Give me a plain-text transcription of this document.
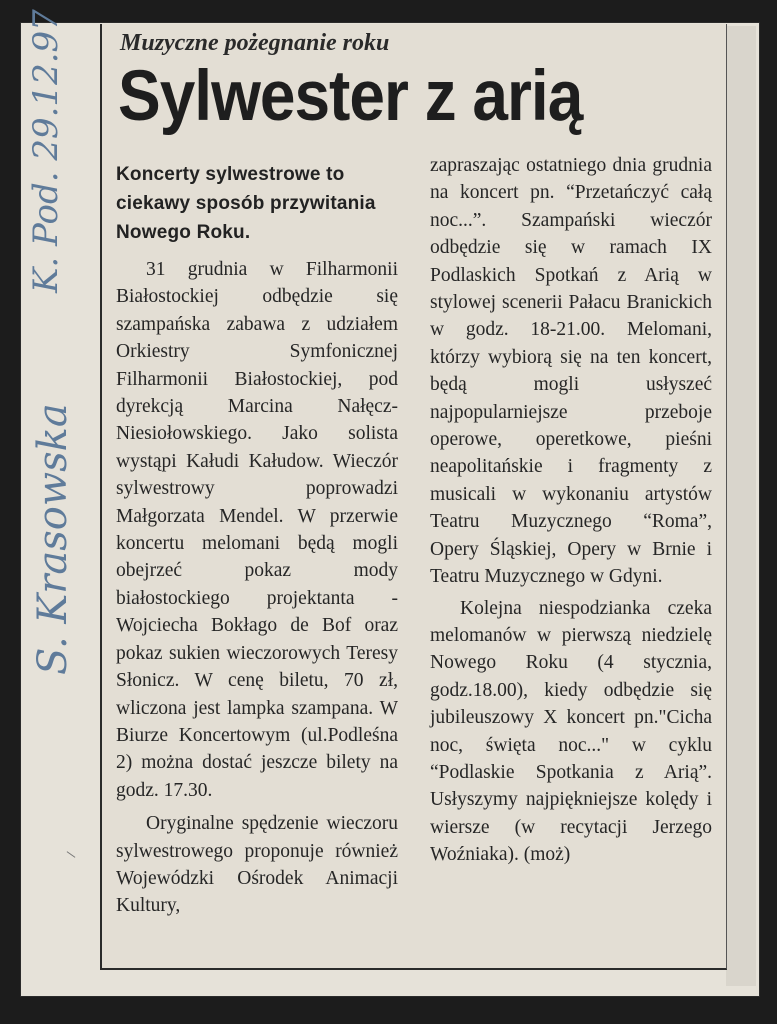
K. Pod. 29.12.97
S. Krasowska
Muzyczne pożegnanie roku
Sylwester z arią
Koncerty sylwestrowe to ciekawy sposób przywitania Nowego Roku.

31 grudnia w Filharmonii Białostockiej odbędzie się szampańska zabawa z udziałem Orkiestry Symfonicznej Filharmonii Białostockiej, pod dyrekcją Marcina Nałęcz-Niesiołowskiego. Jako solista wystąpi Kałudi Kałudow. Wieczór sylwestrowy poprowadzi Małgorzata Mendel. W przerwie koncertu melomani będą mogli obejrzeć pokaz mody białostockiego projektanta - Wojciecha Bokłago de Bof oraz pokaz sukien wieczorowych Teresy Słonicz. W cenę biletu, 70 zł, wliczona jest lampka szampana. W Biurze Koncertowym (ul.Podleśna 2) można dostać jeszcze bilety na godz. 17.30.

Oryginalne spędzenie wieczoru sylwestrowego proponuje również Wojewódzki Ośrodek Animacji Kultury,

zapraszając ostatniego dnia grudnia na koncert pn. “Przetańczyć całą noc...”. Szampański wieczór odbędzie się w ramach IX Podlaskich Spotkań z Arią w stylowej scenerii Pałacu Branickich w godz. 18-21.00. Melomani, którzy wybiorą się na ten koncert, będą mogli usłyszeć najpopularniejsze przeboje operowe, operetkowe, pieśni neapolitańskie i fragmenty z musicali w wykonaniu artystów Teatru Muzycznego “Roma”, Opery Śląskiej, Opery w Brnie i Teatru Muzycznego w Gdyni.

Kolejna niespodzianka czeka melomanów w pierwszą niedzielę Nowego Roku (4 stycznia, godz.18.00), kiedy odbędzie się jubileuszowy X koncert pn."Cicha noc, święta noc..." w cyklu “Podlaskie Spotkania z Arią”. Usłyszymy najpiękniejsze kolędy i wiersze (w recytacji Jerzego Woźniaka). (moż)
